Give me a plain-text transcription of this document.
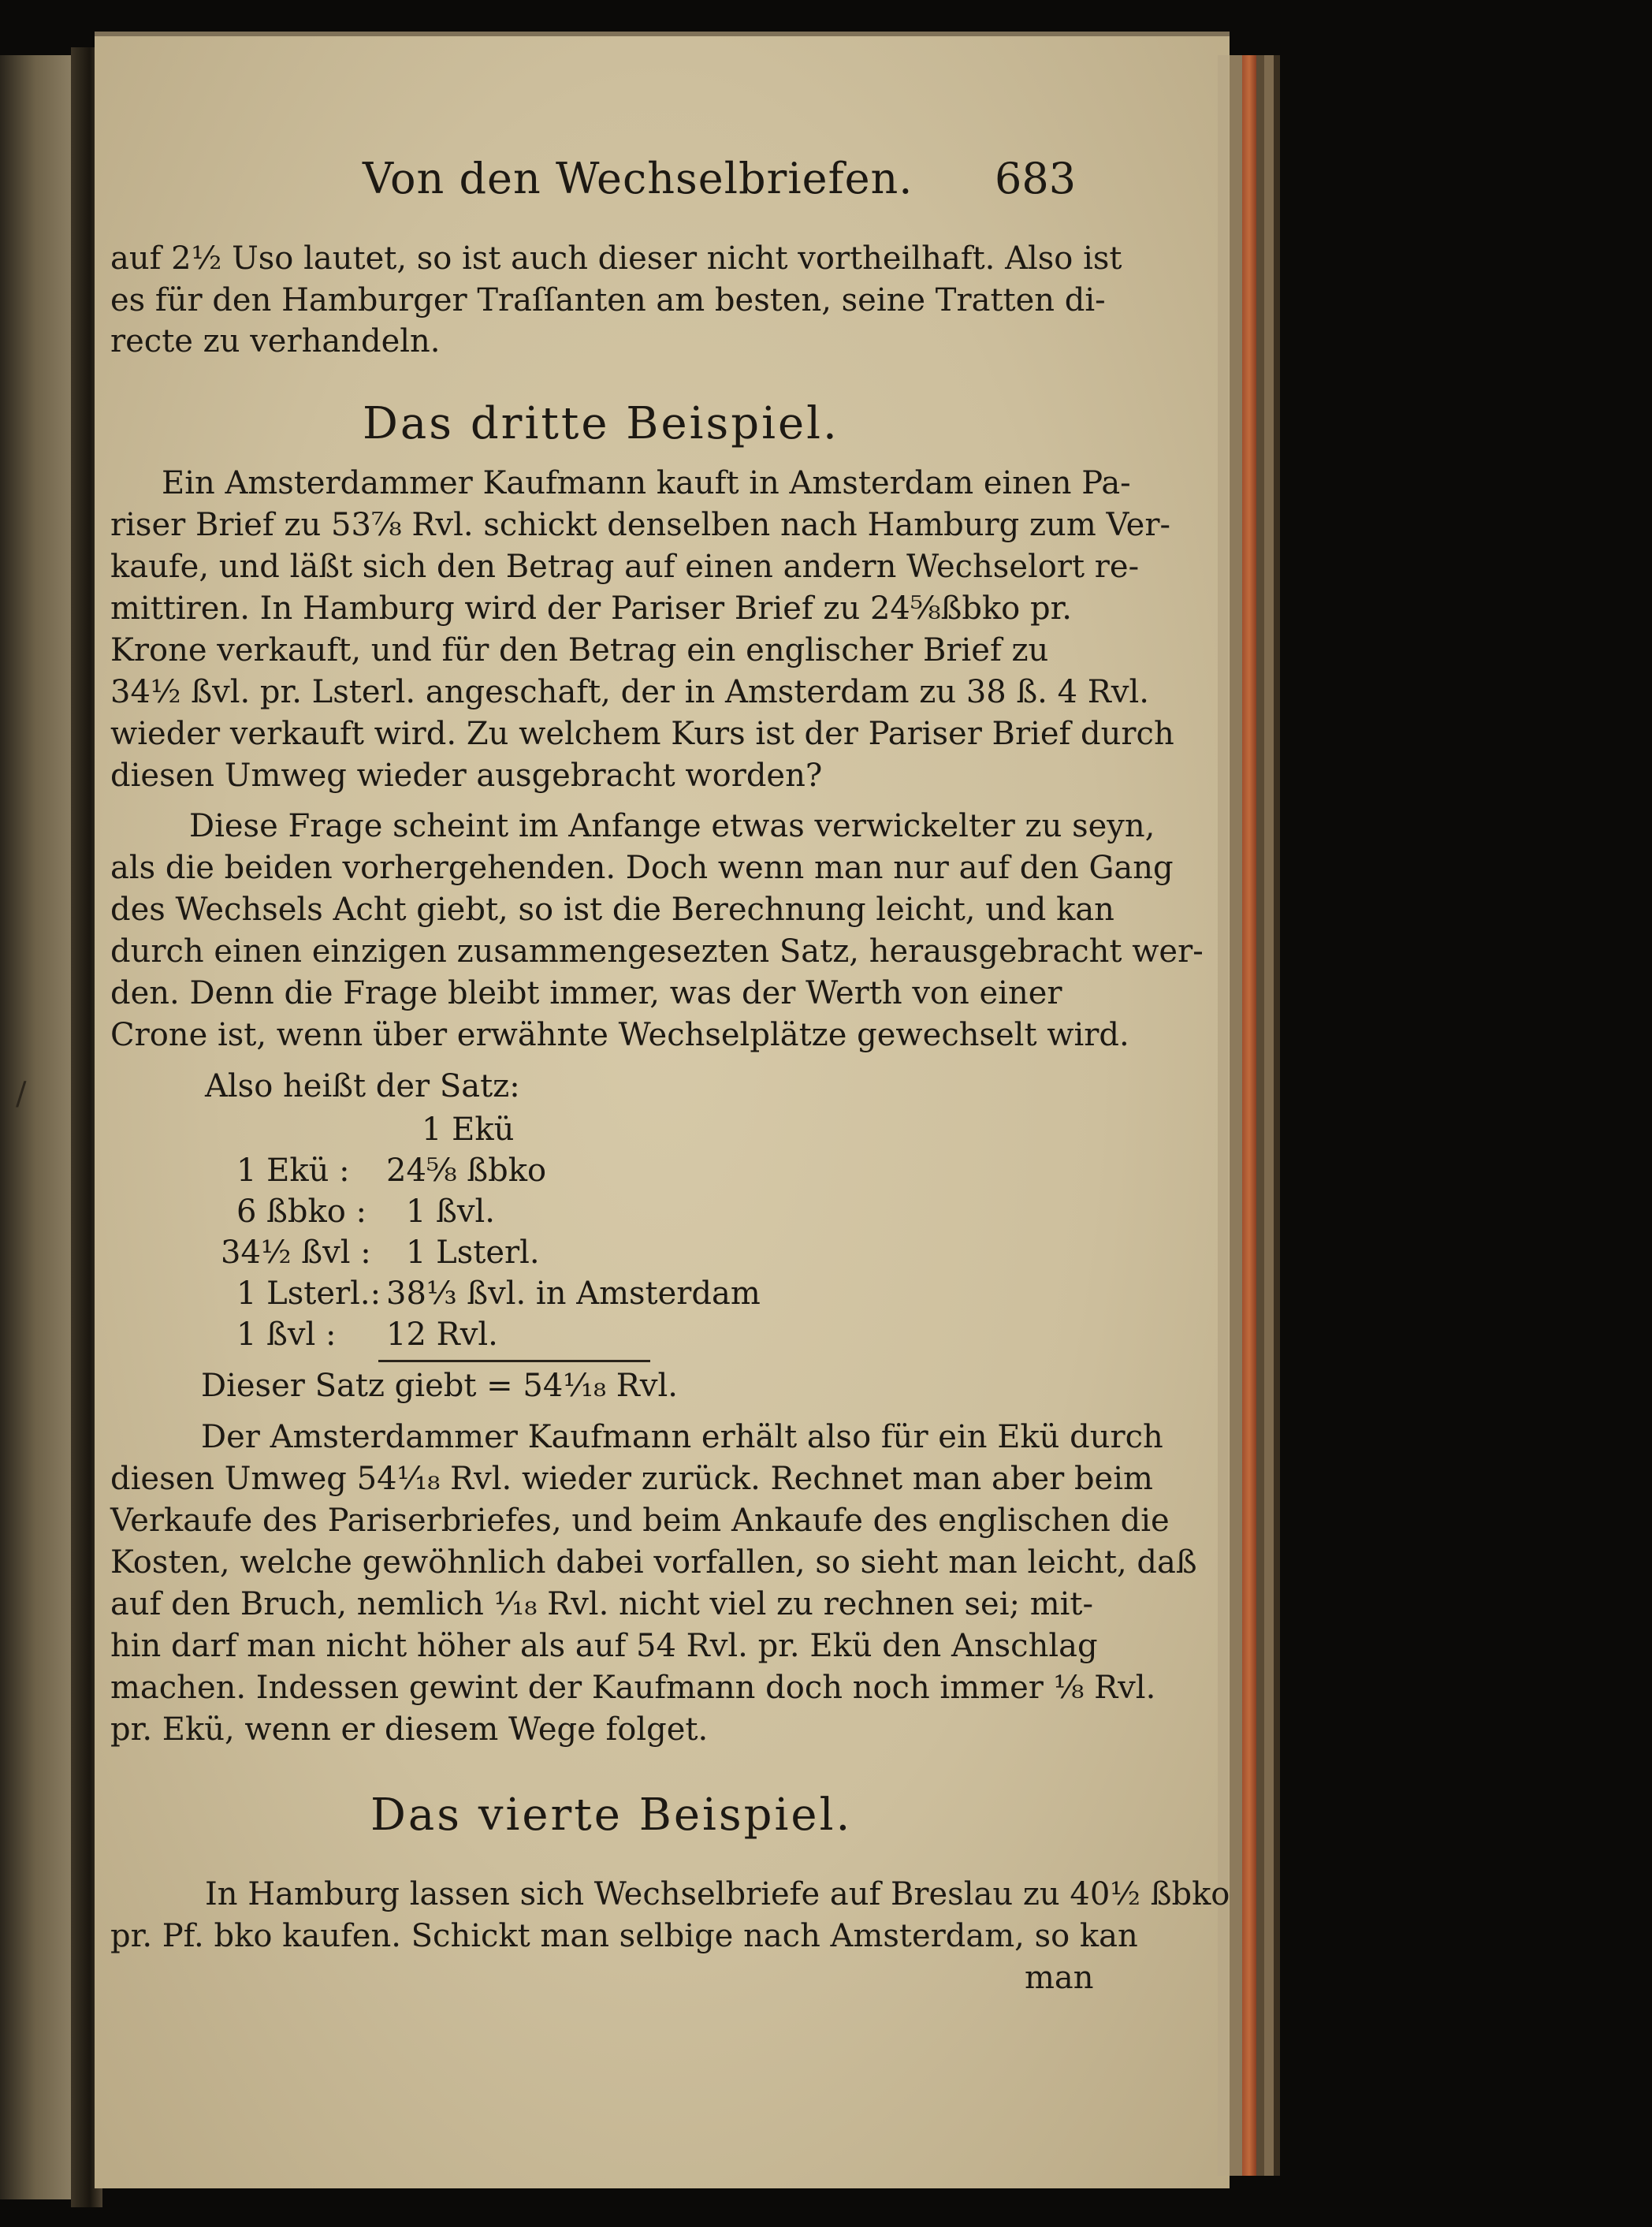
Von den Wechselbriefen. 683
auf 2½ Uso lautet, so ist auch dieser nicht vortheilhaft. Also ist
es für den Hamburger Traſſanten am besten, seine Tratten di-
recte zu verhandeln.
Das dritte Beispiel.
Ein Amsterdammer Kaufmann kauft in Amsterdam einen Pa-
riser Brief zu 53⅞ Rvl. schickt denselben nach Hamburg zum Ver-
kaufe, und läßt sich den Betrag auf einen andern Wechselort re-
mittiren. In Hamburg wird der Pariser Brief zu 24⅝ßbko pr.
Krone verkauft, und für den Betrag ein englischer Brief zu
34½ ßvl. pr. Lsterl. angeschaft, der in Amsterdam zu 38 ß. 4 Rvl.
wieder verkauft wird. Zu welchem Kurs ist der Pariser Brief durch
diesen Umweg wieder ausgebracht worden?
Diese Frage scheint im Anfange etwas verwickelter zu seyn,
als die beiden vorhergehenden. Doch wenn man nur auf den Gang
des Wechsels Acht giebt, so ist die Berechnung leicht, und kan
durch einen einzigen zusammengesezten Satz, herausgebracht wer-
den. Denn die Frage bleibt immer, was der Werth von einer
Crone ist, wenn über erwähnte Wechselplätze gewechselt wird.
Also heißt der Satz:
1 Ekü
1 Ekü : 24⅝ ßbko
6 ßbko : 1 ßvl.
34½ ßvl : 1 Lsterl.
1 Lsterl.: 38⅓ ßvl. in Amsterdam
1 ßvl : 12 Rvl.
Dieser Satz giebt = 54¹⁄₁₈ Rvl.
Der Amsterdammer Kaufmann erhält also für ein Ekü durch
diesen Umweg 54¹⁄₁₈ Rvl. wieder zurück. Rechnet man aber beim
Verkaufe des Pariserbriefes, und beim Ankaufe des englischen die
Kosten, welche gewöhnlich dabei vorfallen, so sieht man leicht, daß
auf den Bruch, nemlich ¹⁄₁₈ Rvl. nicht viel zu rechnen sei; mit-
hin darf man nicht höher als auf 54 Rvl. pr. Ekü den Anschlag
machen. Indessen gewint der Kaufmann doch noch immer ⅛ Rvl.
pr. Ekü, wenn er diesem Wege folget.
Das vierte Beispiel.
In Hamburg lassen sich Wechselbriefe auf Breslau zu 40½ ßbko
pr. Pf. bko kaufen. Schickt man selbige nach Amsterdam, so kan
man
/
